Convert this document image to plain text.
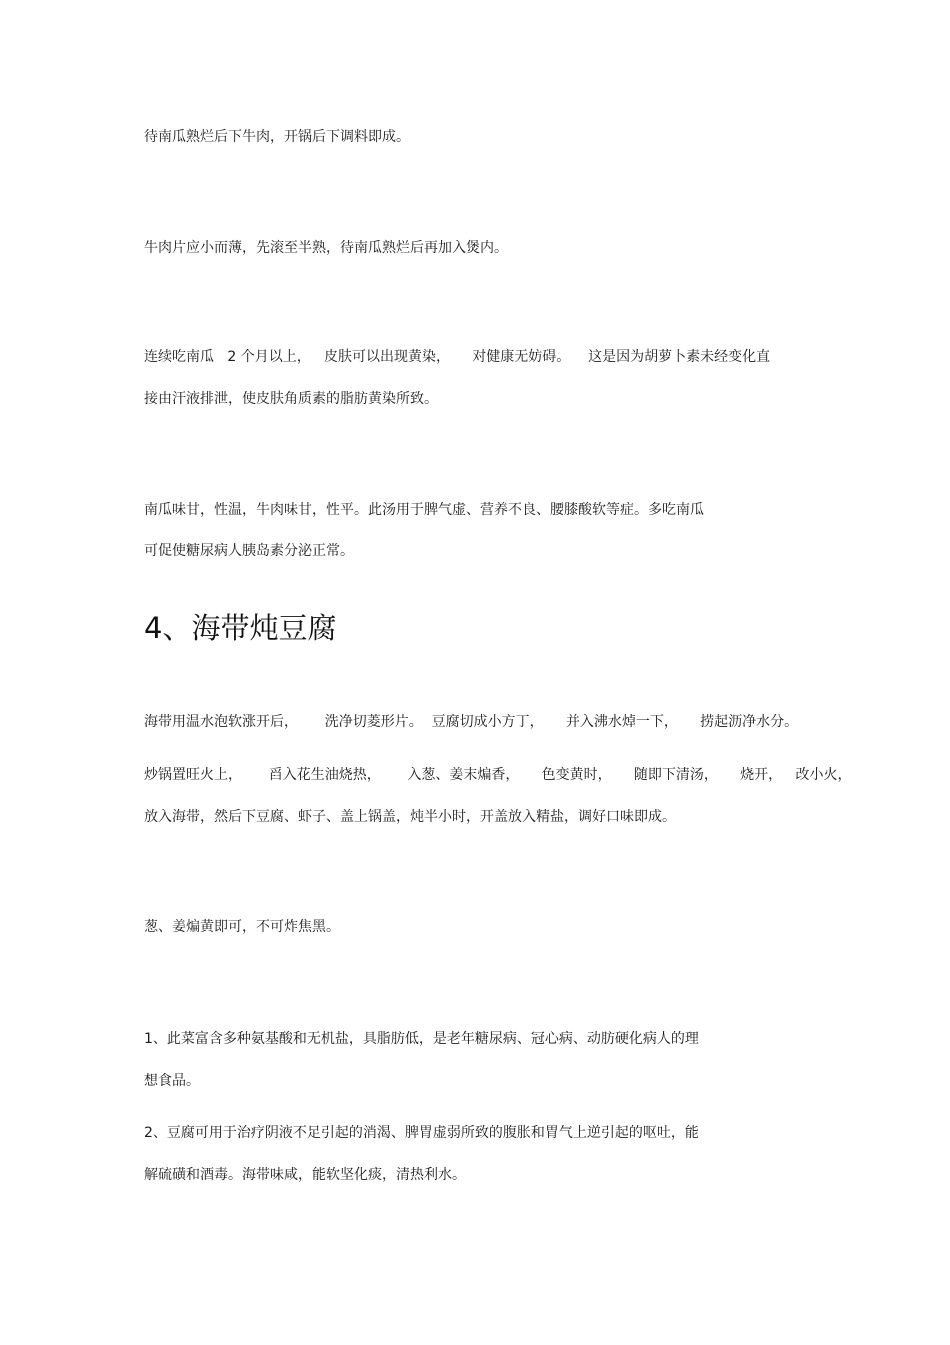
待南瓜熟烂后下牛肉，开锅后下调料即成。

牛肉片应小而薄，先滚至半熟，待南瓜熟烂后再加入煲内。

连续吃南瓜   2 个月以上，   皮肤可以出现黄染，     对健康无妨碍。    这是因为胡萝卜素未经变化直

接由汗液排泄，使皮肤角质素的脂肪黄染所致。

南瓜味甘，性温，牛肉味甘，性平。此汤用于脾气虚、营养不良、腰膝酸软等症。多吃南瓜

可促使糖尿病人胰岛素分泌正常。

4、海带炖豆腐

海带用温水泡软涨开后，      洗净切菱形片。  豆腐切成小方丁，     并入沸水焯一下，     捞起沥净水分。

炒锅置旺火上，      舀入花生油烧热，      入葱、姜末煸香，     色变黄时，     随即下清汤，     烧开，   改小火，

放入海带，然后下豆腐、虾子、盖上锅盖，炖半小时，开盖放入精盐，调好口味即成。

葱、姜煸黄即可，不可炸焦黑。

1、此菜富含多种氨基酸和无机盐，具脂肪低，是老年糖尿病、冠心病、动肪硬化病人的理

想食品。

2、豆腐可用于治疗阴液不足引起的消渴、脾胃虚弱所致的腹胀和胃气上逆引起的呕吐，能

解硫磺和酒毒。海带味咸，能软坚化痰，清热利水。
